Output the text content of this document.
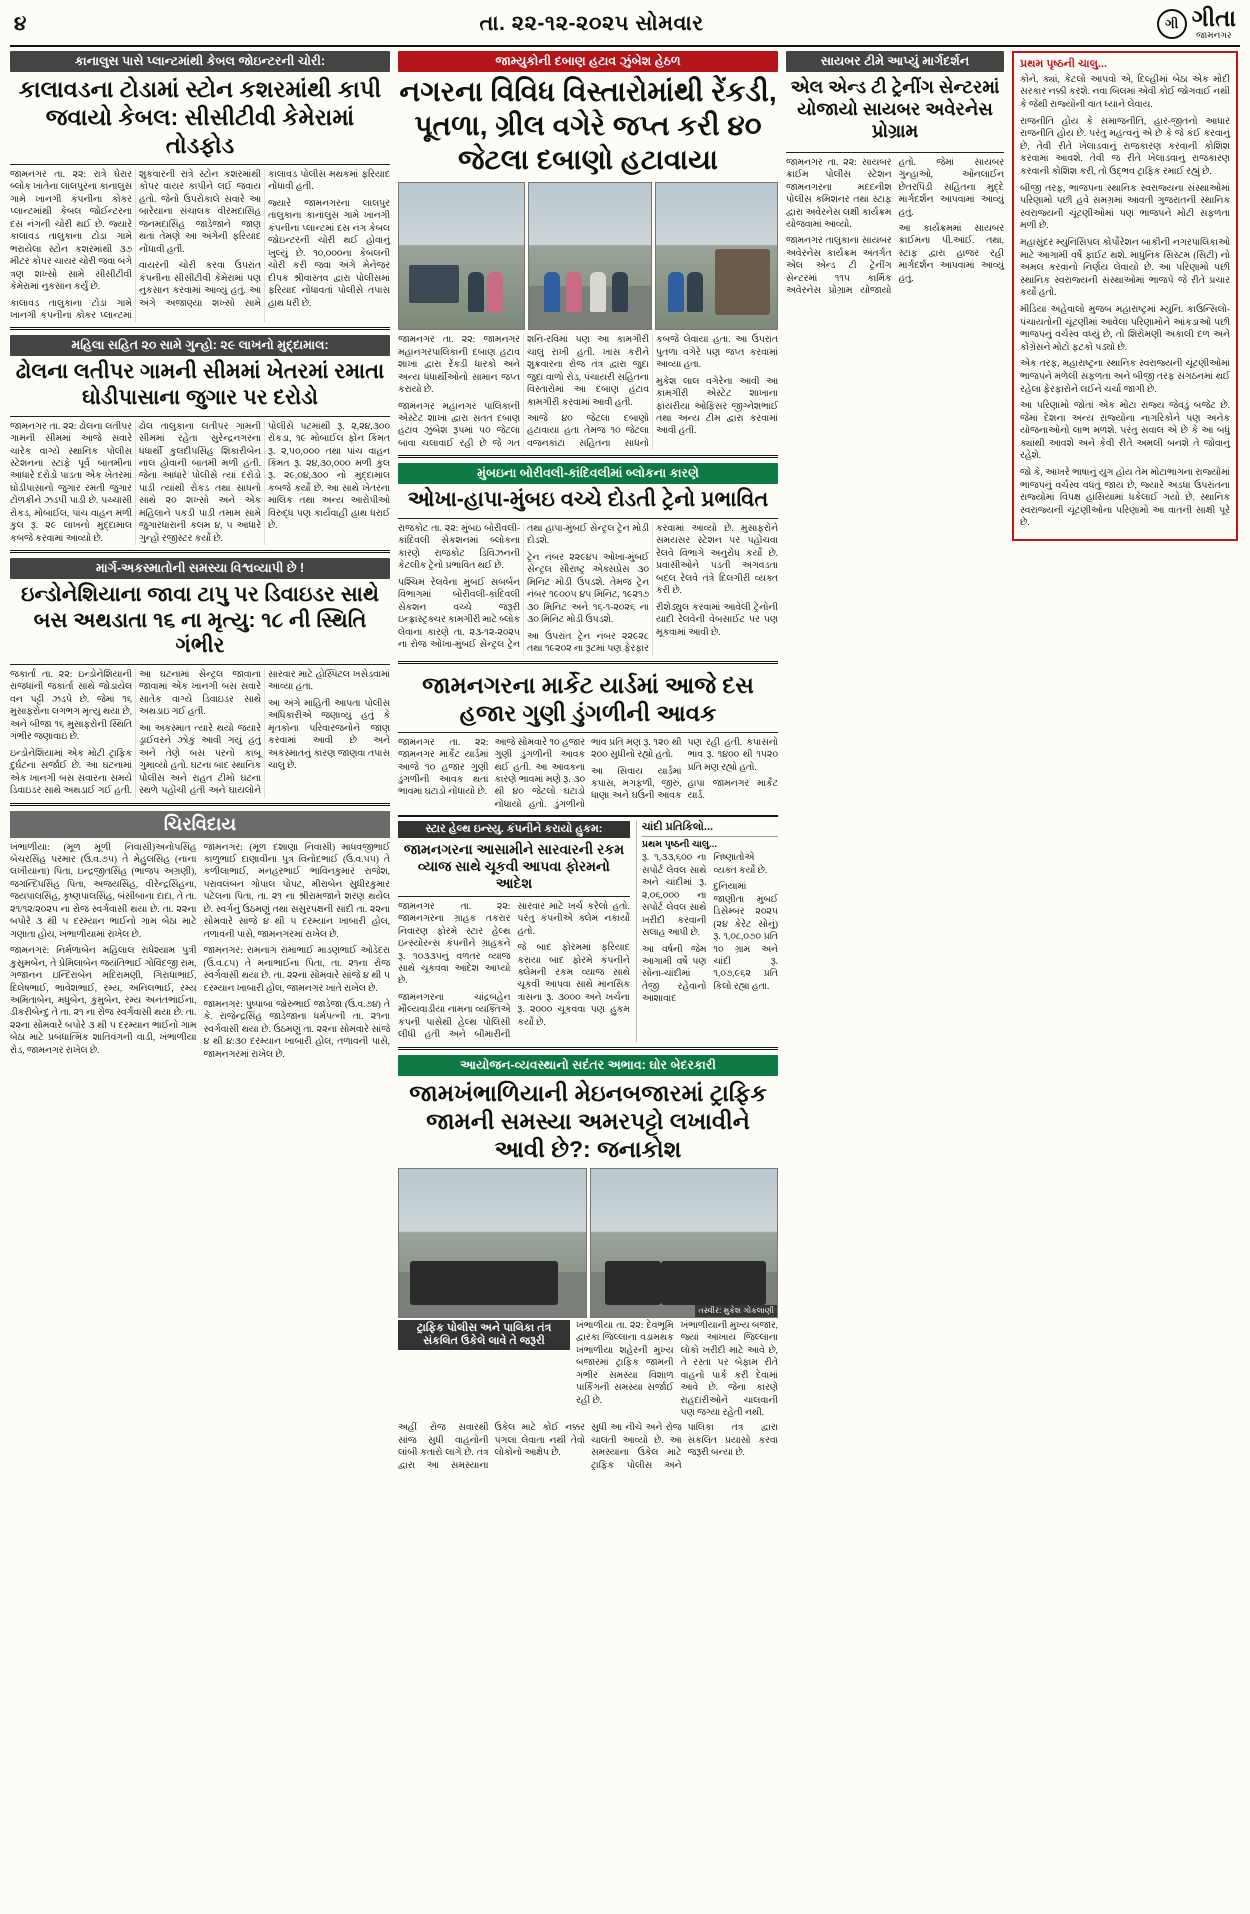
૪	તા. ૨૨-૧૨-૨૦૨૫ સોમવાર	ગી ગીતા
જામનગર
કાનાલુસ પાસે પ્લાન્ટમાંથી કેબલ જોઇન્ટરની ચોરી:
કાલાવડના ટોડામાં સ્ટોન કશરમાંથી કાપી જવાયો કેબલ: સીસીટીવી કેમેરામાં તોડફોડ

જામનગર તા. ૨૨: રાત્રે ઘેરાર બ્લોક ખાતેના લાલપુરના કાનાલુસ ગામે ખાનગી કંપનીના કોકર પ્લાન્ટમાંથી કેબલ જોઈન્ટરના દસ નંગની ચોરી થઈ છે. જ્યારે કાલાવડ તાલુકાના ટોડા ગામે ભરાયેલા સ્ટોન કશરમાંથી ૩૭ મીટર કોપર ચાયર ચોરી જવા બંગે ત્રણ શખ્સો સામે સીસીટીવી કેમેરામાં નુકસાન કર્યું છે.

કાલાવડ તાલુકાના ટોડા ગામે ખાનગી કંપનીના કોકર પ્લાન્ટમાં શુકવારની રાત્રે સ્ટોન કશરમાંથી કોપર વાયર કાપીને લઈ જવાય હતો. જેનો ઉપરોકાલે સવારે આ બારેયાના સંચાલક વીરમદાસિંહ જનમદાસિંહ જાડેજાને જાણ થતાં તેમણે આ અંગેની ફરિયાદ નોંધાવી હતી.

વાયરની ચોરી કરવા ઉપરાંત કંપનીના સીસીટીવી કેમેરામાં પણ નુકસાન કરવામાં આવ્યું હતું. આ અંગે અજાણ્યા શખ્સો સામે કાલાવડ પોલીસ મથકમાં ફરિયાદ નોંધાવી હતી.

જ્યારે જામનગરના લાલપુર તાલુકાના કાનાલુસ ગામે ખાનગી કંપનીના પ્લાન્ટમાં દસ નંગ કેબલ જોઇન્ટરની ચોરી થઈ હોવાનું ખુલ્યું છે. ૧૦,૦૦૦ના કેબલની ચોરી કરી જવા અંગે મેનેજર દીપક શ્રીવાસ્તવ દ્વારા પોલીસમાં ફરિયાદ નોંધાવતાં પોલીસે તપાસ હાથ ધરી છે.

મહિલા સહિત ૨૦ સામે ગુન્હો: ૨૯ લાખનો મુદ્દામાલ:
ઢોલના લતીપર ગામની સીમમાં ખેતરમાં રમાતા ઘોડીપાસાના જુગાર પર દરોડો

જામનગર તા. ૨૨: ઢોલના લતીપર ગામની સીમમાં આજે સવારે ચારેક વાગ્યે સ્થાનિક પોલીસ સ્ટેશનના સ્ટાફે પૂર્વ બાતમીના આધારે દરોડો પાડતા એક ખેતરમાં ઘોડીપાસાનો જુગાર રમતી જુગાર ટોળકીને ઝડપી પાડી છે. પચ્ચાસી રોકડ, મોબાઈલ, પાંચ વાહન મળી કુલ રૂ. ૨૯ લાખનો મુદ્દામાલ કબજે કરવામાં આવ્યો છે.

ઢોલ તાલુકાના લતીપર ગામની સીમમાં રહેતા સુરેન્દ્રનગરના ધંધાર્થી કુલદીપસિંહ શિકારીબેન નાલ હોવાની બાતમી મળી હતી. જેના આધારે પોલીસે ત્યાં દરોડો પાડી ત્યાંથી રોકડ તથા સાધનો સાથે ૨૦ શખ્સો અને એક મહિલાને પકડી પાડી તમામ સામે જુગારધારાની કલમ ૪, ૫ આધારે ગુન્હો રજીસ્ટર કર્યો છે.

પોલીસે પટમાંથી રૂ. ૨,૨૪,૩૦૦ રોકડા, ૧૯ મોબાઈલ ફોન કિંમત રૂ. ૨,૫૦,૦૦૦ તથા પાંચ વાહન કિંમત રૂ. ૨૪,૩૦,૦૦૦ મળી કુલ રૂ. ૨૯,૦૪,૩૦૦ નો મુદ્દામાલ કબજે કર્યો છે. આ સાથે ખેતરના માલિક તથા અન્ય આરોપીઓ વિરુદ્ધ પણ કાર્યવાહી હાથ ધરાઈ છે.

માર્ગ-અકસ્માતોની સમસ્યા વિશ્વવ્યાપી છે !
ઇન્ડોનેશિયાના જાવા ટાપુ પર ડિવાઇડર સાથે બસ અથડાતા ૧૬ ના મૃત્યુ: ૧૮ ની સ્થિતિ ગંભીર

જકાર્તા તા. ૨૨: ઇન્ડોનેશિયાની રાજધાની જકાર્તા સાથે જોડાયેલ વન પટ્ટી ઝડપે છે. જેમાં ૧૬ મુસાફરોના લગભગ મૃત્યુ થયા છે, અને બીજા ૧૬ મુસાફરોની સ્થિતિ ગંભીર જણાવાઇ છે.

ઇન્ડોનેશિયામાં એક મોટી ટ્રાફિક દુર્ઘટના સર્જાઈ છે. આ ઘટનામાં એક ખાનગી બસ સવારના સમયે ડિવાઇડર સાથે અથડાઈ ગઈ હતી. આ ઘટનામાં સેન્ટ્રલ જાવાના જાવામાં એક ખાનગી બસ સવારે સાતેક વાગ્યે ડિવાઇડર સાથે અથડાઇ ગઈ હતી.

આ અકસ્માત ત્યારે થયો જયારે ડ્રાઈવરને ઝોકું આવી ગયું હતું અને તેણે બસ પરનો કાબૂ ગુમાવ્યો હતો. ઘટના બાદ સ્થાનિક પોલીસ અને રાહત ટીમો ઘટના સ્થળે પહોંચી હતી અને ઘાયલોને સારવાર માટે હોસ્પિટલ ખસેડવામાં આવ્યા હતા.

આ અંગે માહિતી આપતા પોલીસ અધિકારીએ જણાવ્યું હતું કે મૃતકોના પરિવારજનોને જાણ કરવામાં આવી છે અને અકસ્માતનું કારણ જાણવા તપાસ ચાલુ છે.

ચિરવિદાય

ખંભાળીયા: (મૂળ મૂળી નિવાસી)અનોપસિંહ બેચરસિંહ પરમાર (ઉ.વ.૭૫) તે મેહુલસિંહ (નાના લખીયાના) પિતા, ઇન્દ્રજીતસિંહ (ભાજપ અગ્રણી), જગન્દિપસિંહ પિતા, અજયસિંહ, વીરેન્દ્રસિંહના, જયપાલસિંહ, કૃષ્ણપાલસિંહ, બંસીબાના દાદા, તે તા. ૨૧/૧૨/૨૦૨૫ ના રોજ સ્વર્ગવાસી થયા છે. તા. ૨૨ના બપોરે ૩ થી ૫ દરમ્યાન ભાઈનો ગામ બેઠા માટે ગણાતા હોય, ખંભાળીયામાં રાખેલ છે.

જામનગર: નિર્મળાબેન મહિલાલ રાધેશ્યામ પુત્રી કુસુમબેન, તે પ્રેમિલાબેન જયંતિભાઈ ગોવિંદજી રામ, ગજાનન ઇન્દિરાબેન મદિરામણી, ગિરાધાભાઈ, દિલેષભાઈ, ભાવેશભાઈ, રમ્ય, અનિલભાઈ, રમ્ય અમિતાબેન, મધુબેન, કુમુબેન, રમ્ય અનંતભાઈના, ડીકરીબેન્દુ તે તા. ૨૧ ના રોજ સ્વર્ગવાસી થયા છે. તા. ૨૨ના સોમવારે બપોરે ૩ થી ૫ દરમ્યાન ભાઈનો ગામ બેઠા માટે પ્રબંધાત્મિક શાતિવંગની વાડી, ખંભાળીયા રોડ, જામનગર રાખેલ છે.

જામનગર: (મૂળ દશાણા નિવાસી) માધવજીભાઈ કાળુભાઈ દાણાવીના પુત્ર વિનોદભાઈ (ઉ.વ.૫૫) તે કળીલાભાઈ, મનહરભાઈ ભાવિનકુમાર રાજેશ, પરાવલંબન ગોપાલ પોપટ, મીરાબેન સુધીરકુમાર પટેલના પિતા, તા. ૨૧ ના શ્રીરામજાને શરણ થયેલ છે. સ્વર્ગનું ઉઠમણું તથા સસુરપક્ષની સાદી તા. ૨૨ના સોમવારે સાંજે ૪ થી ૫ દરમ્યાન ખાબારી હોલ, તળાવની પાસે, જામનગરમાં રાખેલ છે.

જામનગર: રામનાગ રામાભાઈ માડણભાઈ ઓડેદરા (ઉ.વ.૮૫) તે મનાભાઈના પિતા, તા. ૨૧ના રોજ સ્વર્ગવાસી થયા છે. તા. ૨૨ના સોમવારે સાંજે ૪ થી ૫ દરમ્યાન ખાબારી હોલ, જામનગર ખાતે રાખેલ છે.

જામનગર: પુષ્પાબા જોરુભાઈ જાડેજા (ઉ.વ.૭૪) તે કે. રાજેન્દ્રસિંહ જાડેજાના ધર્મપત્ની તા. ૨૧ના સ્વર્ગવાસી થયા છે. ઉઠમણું તા. ૨૨ના સોમવારે સાંજે ૪ થી ૪:૩૦ દરમ્યાન ખાબારી હોલ, તળાવની પાસે, જામનગરમાં રાખેલ છે.

જામ્યુકોની દબાણ હટાવ ઝુંબેશ હેઠળ
નગરના વિવિધ વિસ્તારોમાંથી રેંકડી, પૂતળા, ગ્રીલ વગેરે જપ્ત કરી ૪૦ જેટલા દબાણો હટાવાયા

જામનગર તા. ૨૨: જામનગર મહાનગરપાલિકાની દબાણ હટાવ શાખા દ્વારા રેંકડી ધારકો અને અન્ય ધંધાર્થીઓનો સામાન જપ્ત કરાયો છે.

જામનગર મહાનગર પાલિકાની એસ્ટેટ શાખા દ્વારા સતત દબાણ હટાવ ઝુંબેશ રૂપમાં ૫૦ જેટલા બાવા ચલાવાઈ રહી છે જે ગત શનિ-રવિમાં પણ આ કામગીરી ચાલુ રાખી હતી. ખાસ કરીને શુક્રવારના રોજ તંત્ર દ્વારા જુદા જુદા વાળો રોડ, પંચાયરી સહિતના વિસ્તારોમાં આ દબાણ હટાવ કામગીરી કરવામાં આવી હતી.

આજે ૪૦ જેટલા દબાણો હટાવાયા હતા તેમજ ૧૦ જેટલા વજનકાંટા સહિતના સાધનો કબજે લેવાયા હતા. આ ઉપરાંત પુતળા વગેરે પણ જપ્ત કરવામાં આવ્યા હતા.

મુકેશ લાલ વગેરેના આવી આ કામગીરી એસ્ટેટ શાખાના ફાયરીયા ઓફિસર જીગ્નેશભાઈ તથા અન્ય ટીમ દ્વારા કરવામાં આવી હતી.

મુંબઇના બોરીવલી-કાંદિવલીમાં બ્લોકના કારણે
ઓખા-હાપા-મુંબઇ વચ્ચે દોડતી ટ્રેનો પ્રભાવિત

રાજકોટ તા. ૨૨: મુંબઇ બોરીવલી-કાંદિવલી સેકશનમાં બ્લોકના કારણે રાજકોટ ડિવિઝનની કેટલીક ટ્રેનો પ્રભાવિત થઈ છે.

પશ્ચિમ રેલવેના મુંબઈ સબર્બન વિભાગમાં બોરીવલી-કાંદિવલી સેકશન વચ્ચે જરૂરી ઇન્ફ્રાસ્ટ્રક્ચર કામગીરી માટે બ્લોક લેવાના કારણે તા. ૨૩-૧૨-૨૦૨૫ ના રોજ ઓખા-મુંબઈ સેન્ટ્રલ ટ્રેન તથા હાપા-મુંબઈ સેન્ટ્રલ ટ્રેન મોડી દોડશે.

ટ્રેન નંબર ૨૨૯૪૫ ઓખા-મુંબઈ સેન્ટ્રલ સૌરાષ્ટ્ર એક્સપ્રેસ ૩૦ મિનિટ મોડી ઉપડશે. તેમજ ટ્રેન નંબર ૧૯૦૦૫ ૪૫ મિનિટ, ૧૯૨૧૭ ૩૦ મિનિટ અને ૧૬-૧-૨૦૨૬ ના ૩૦ મિનિટ મોડી ઉપડશે.

આ ઉપરાંત ટ્રેન નંબર ૨૨૯૨૮ તથા ૧૯૨૦૨ ના રૂટમાં પણ ફેરફાર કરવામાં આવ્યો છે. મુસાફરોને સમયસર સ્ટેશન પર પહોંચવા રેલવે વિભાગે અનુરોધ કર્યો છે. પ્રવાસીઓને પડતી અગવડતા બદલ રેલવે તંત્રે દિલગીરી વ્યક્ત કરી છે.

રીશેડ્યુલ કરવામાં આવેલી ટ્રેનોની યાદી રેલવેની વેબસાઈટ પર પણ મૂકવામાં આવી છે.

જામનગરના માર્કેટ યાર્ડમાં આજે દસ હજાર ગુણી ડુંગળીની આવક

જામનગર તા. ૨૨: જામનગર માર્કેટ યાર્ડમાં આજે ૧૦ હજાર ગુણી ડુંગળીની આવક થતાં ભાવમાં ઘટાડો નોંધાયો છે.

આજે સોમવારે ૧૦ હજાર ગુણી ડુંગળીની આવક થઈ હતી. આ આવકના કારણે ભાવમાં મણે રૂ. ૩૦ થી ૪૦ જેટલો ઘટાડો નોંધાયો હતો. ડુંગળીનો ભાવ પ્રતિ મણ રૂ. ૧૨૦ થી ૨૦૦ સુધીનો રહ્યો હતો.

આ સિવાય યાર્ડમાં કપાસ, મગફળી, જીરું, ધાણા અને ઘઉંની આવક પણ રહી હતી. કપાસનો ભાવ રૂ. ૧૪૦૦ થી ૧૫૨૦ પ્રતિ મણ રહ્યો હતો.

હાપા જામનગર માર્કેટ યાર્ડ.

સ્ટાર હેલ્થ ઇન્સ્યુ. કંપનીને કરાયો હુકમ:
જામનગરના આસામીને સારવારની રકમ વ્યાજ સાથે ચૂકવી આપવા ફોરમનો આદેશ

જામનગર તા. ૨૨: જામનગરના ગ્રાહક તકરાર નિવારણ ફોરમે સ્ટાર હેલ્થ ઇન્સ્યોરન્સ કંપનીને ગ્રાહકને રૂ. ૧૦૩૩૫નું વળતર વ્યાજ સાથે ચૂકવવા આદેશ આપ્યો છે.

જામનગરના ચાંદ્રબહેન મૌલ્યવાડીયા નામના વ્યક્તિએ કંપની પાસેથી હેલ્થ પોલિસી લીધી હતી અને બીમારીની સારવાર માટે ખર્ચ કરેલો હતો. પરંતુ કંપનીએ ક્લેમ નકાર્યો હતો.

જે બાદ ફોરમમાં ફરિયાદ કરાયા બાદ ફોરમે કંપનીને ક્લેમની રકમ વ્યાજ સાથે ચૂકવી આપવા સાથે માનસિક ત્રાસના રૂ. ૩૦૦૦ અને ખર્ચના રૂ. ૨૦૦૦ ચૂકવવા પણ હુકમ કર્યો છે.

ચાંદી પ્રતિકિલો...
પ્રથમ પૃષ્ઠની ચાલુ...

રૂ. ૧,૩૩,૬૦૦ ના સપોર્ટ લેવલ સાથે અને ચાંદીમાં રૂ. ૨,૦૬,૦૦૦ ના સપોર્ટ લેવલ સાથે ખરીદી કરવાની સલાહ આપી છે.

આ વર્ષની જેમ આગામી વર્ષે પણ સોના-ચાંદીમાં તેજી રહેવાનો આશાવાદ નિષ્ણાતોએ વ્યક્ત કર્યો છે.

દુનિયામાં જાણીતા મુંબઈ ડિસેમ્બર ૨૦૨૫ (૨૪ કેરેટ સોનું) રૂ. ૧,૦૮,૦૭૦ પ્રતિ ૧૦ ગ્રામ અને ચાંદી રૂ. ૧,૦૭,૯૬૨ પ્રતિ કિલો રહ્યા હતા.

આયોજન-વ્યવસ્થાનો સદંતર અભાવ: ઘોર બેદરકારી
જામખંભાળિયાની મેઇનબજારમાં ટ્રાફિક જામની સમસ્યા અમરપટ્ટો લખાવીને આવી છે?: જનાકોશ
તસ્વીર: મુકેશ ગોકલાણી
ટ્રાફિક પોલીસ અને પાલિકા તંત્ર સંકલિત ઉકેલે લાવે તે જરૂરી

ખંભાળીયા તા. ૨૨: દેવભૂમિ દ્વારકા જિલ્લાના વડામથક ખંભાળીયા શહેરની મુખ્ય બજારમાં ટ્રાફિક જામની ગંભીર સમસ્યા વિશાળ પાર્કિંગની સમસ્યા સર્જાઈ રહી છે.

ખંભાળીયાની મુખ્ય બજાર, જ્યાં આખાય જિલ્લાના લોકો ખરીદી માટે આવે છે, તે રસ્તા પર બેફામ રીતે વાહનો પાર્ક કરી દેવામાં આવે છે. જેના કારણે રાહદારીઓને ચાલવાની પણ જગ્યા રહેતી નથી.

અહીં રોજ સવારથી સાંજ સુધી વાહનોની લાંબી કતારો લાગે છે. તંત્ર દ્વારા આ સમસ્યાના ઉકેલ માટે કોઈ નક્કર પગલાં લેવાતા નથી તેવો લોકોનો આક્ષેપ છે.

સુધી આ નીચે અને રોજ ચાલતી આવ્યો છે. આ સમસ્યાના ઉકેલ માટે ટ્રાફિક પોલીસ અને પાલિકા તંત્ર દ્વારા સંકલિત પ્રયાસો કરવા જરૂરી બન્યા છે.

સાયબર ટીમે આપ્યું માર્ગદર્શન
એલ એન્ડ ટી ટ્રેનીંગ સેન્ટરમાં યોજાયો સાયબર અવેરનેસ પ્રોગ્રામ

જામનગર તા. ૨૨: સાયબર ક્રાઈમ પોલીસ સ્ટેશન જામનગરના મદદનીશ પોલીસ કમિશનર તથા સ્ટાફ દ્વારા અવેરનેસ લક્ષી કાર્યક્રમ યોજવામાં આવ્યો.

જામનગર તાલુકાના સાયબર અવેરનેસ કાર્યક્રમ અંતર્ગત એલ એન્ડ ટી ટ્રેનીંગ સેન્ટરમાં ૧૧૫ કાર્મિક અવેરનેસ પ્રોગ્રામ યોજાયો હતો. જેમાં સાયબર ગુન્હાઓ, ઓનલાઈન છેતરપિંડી સહિતના મુદ્દે માર્ગદર્શન આપવામાં આવ્યું હતું.

આ કાર્યક્રમમાં સાયબર ક્રાઈમના પી.આઈ. તથા, સ્ટાફ દ્વારા હાજર રહી માર્ગદર્શન આપવામાં આવ્યું હતું.

પ્રથમ પૃષ્ઠની ચાલુ...

કોને, ક્યાં, કેટલો આપવો એ, દિલ્હીમાં બેઠા એક મોદી સરકાર નક્કી કરશે. નવા બિલમાં એવી કોઈ જોગવાઈ નથી કે જેથી રાજ્યોની વાત ધ્યાને લેવાય.

રાજનીતિ હોય કે સમાજનીતિ, હાર-જીતનો આધાર રાજનીતિ હોય છે. પરંતુ મહત્વનું એ છે કે જે કંઈ કરવાનું છે, તેવી રીતે ખેલાડવાનું રાજકારણ કરવાની કોશિશ કરવામાં આવશે. તેવી જ રીતે ખેલાડવાનું રાજકારણ કરવાની કોશિશ કરી, તો ઉદ્ભવ ટ્રાફિક રમાઈ રહ્યું છે.

બીજી તરફ, ભાજપના સ્થાનિક સ્વરાજ્યના સંસ્થાઓમાં પરિણામો પછી હવે સમગ્રમાં આવતી ગુજરાતની સ્થાનિક સ્વરાજ્યની ચૂંટણીઓમાં પણ ભાજપને મોટી સફળતા મળી છે.

મહાસુંદર મ્યુનિસિપલ કોર્પોરેશન બાકીની નગરપાલિકાઓ માટે આગામી વર્ષે ફાઈટ થશે. માધુનિક સિસ્ટમ (સિટી) નો અમલ કરવાનો નિર્ણય લેવાયો છે. આ પરિણામો પછી સ્થાનિક સ્વરાજ્યની સંસ્થાઓમાં ભાજપે જે રીતે પ્રચાર કર્યો હતો.

મીડિયા અહેવાલો મુજબ મહારાષ્ટ્રમાં મ્યુનિ. કાઉન્સિલો-પંચાયતોની ચૂંટણીમાં આવેલા પરિણામોને આંકડાઓ પછી ભાજપનું વર્ચસ્વ વધ્યું છે, તો શિરોમણી અકાલી દળ અને કોંગ્રેસને મોટો ફટકો પડ્યો છે.

એક તરફ, મહારાષ્ટ્રના સ્થાનિક સ્વરાજ્યની ચૂંટણીઓમાં ભાજપને મળેલી સફળતા અને બીજી તરફ સંગઠનમાં થઈ રહેલા ફેરફારોને લઈને ચર્ચા જાગી છે.

આ પરિણામો જોતાં એક મોટા રાજ્ય જેવડું બજેટ છે. જેમાં દેશના અન્ય રાજ્યોના નાગરિકોને પણ અનેક યોજનાઓનો લાભ મળશે. પરંતુ સવાલ એ છે કે આ બધું ક્યાંથી આવશે અને કેવી રીતે અમલી બનશે તે જોવાનું રહેશે.

જો કે, આખરે ભાષાનું યુગ હોય તેમ મોટાભાગના રાજ્યોમાં ભાજપનું વર્ચસ્વ વધતું જાય છે, જ્યારે અડધા ઉપરાંતના રાજ્યોમાં વિપક્ષ હાંસિયામાં ધકેલાઈ ગયો છે. સ્થાનિક સ્વરાજ્યની ચૂંટણીઓના પરિણામો આ વાતની સાક્ષી પૂરે છે.
